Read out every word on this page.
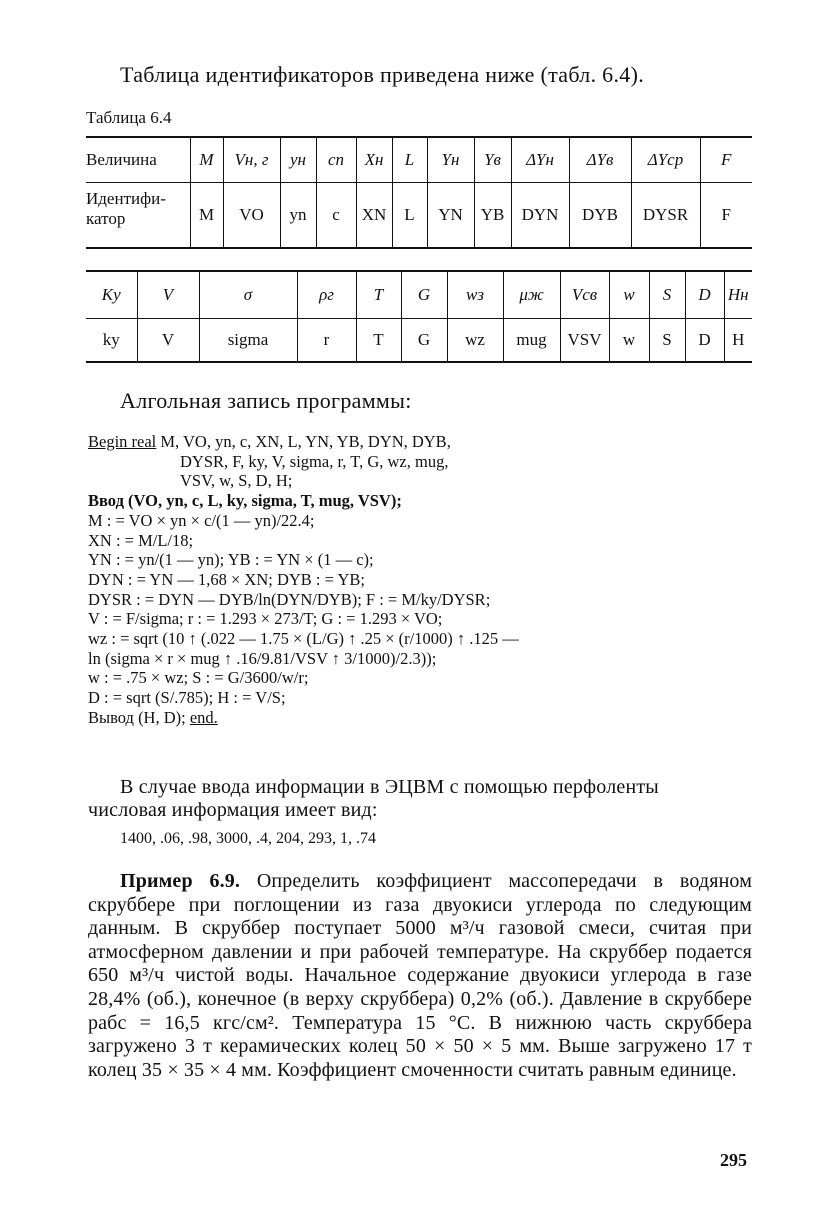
Таблица идентификаторов приведена ниже (табл. 6.4).
Таблица 6.4
Величина	M	Vн, г	yн	cп	Xн	L	Yн	Yв	ΔYн	ΔYв	ΔYср	F
Идентифи- катор	M	VO	yn	c	XN	L	YN	YB	DYN	DYB	DYSR	F
Ky	V	σ	ρг	T	G	wз	μж	Vсв	w	S	D	Hн
ky	V	sigma	r	T	G	wz	mug	VSV	w	S	D	H
Алгольная запись программы:
Begin real M, VO, yn, c, XN, L, YN, YB, DYN, DYB,
DYSR, F, ky, V, sigma, r, T, G, wz, mug,
VSV, w, S, D, H;
Ввод (VO, yn, c, L, ky, sigma, T, mug, VSV);
M : = VO × yn × c/(1 — yn)/22.4;
XN : = M/L/18;
YN : = yn/(1 — yn); YB : = YN × (1 — c);
DYN : = YN — 1,68 × XN; DYB : = YB;
DYSR : = DYN — DYB/ln(DYN/DYB); F : = M/ky/DYSR;
V : = F/sigma; r : = 1.293 × 273/T; G : = 1.293 × VO;
wz : = sqrt (10 ↑ (.022 — 1.75 × (L/G) ↑ .25 × (r/1000) ↑ .125 —
ln (sigma × r × mug ↑ .16/9.81/VSV ↑ 3/1000)/2.3));
w : = .75 × wz; S : = G/3600/w/r;
D : = sqrt (S/.785); H : = V/S;
Вывод (H, D); end.
В случае ввода информации в ЭЦВМ с помощью перфоленты
числовая информация имеет вид:
1400, .06, .98, 3000, .4, 204, 293, 1, .74
Пример 6.9. Определить коэффициент массопередачи в водяном скруббере при поглощении из газа двуокиси углерода по следующим данным. В скруббер поступает 5000 м³/ч газовой смеси, считая при атмосферном давлении и при рабочей температуре. На скруббер подается 650 м³/ч чистой воды. Начальное содержание двуокиси углерода в газе 28,4% (об.), конечное (в верху скруббера) 0,2% (об.). Давление в скруббере pабс = 16,5 кгс/см². Температура 15 °С. В нижнюю часть скруббера загружено 3 т керамических колец 50 × 50 × 5 мм. Выше загружено 17 т колец 35 × 35 × 4 мм. Коэффициент смоченности считать равным единице.
295
